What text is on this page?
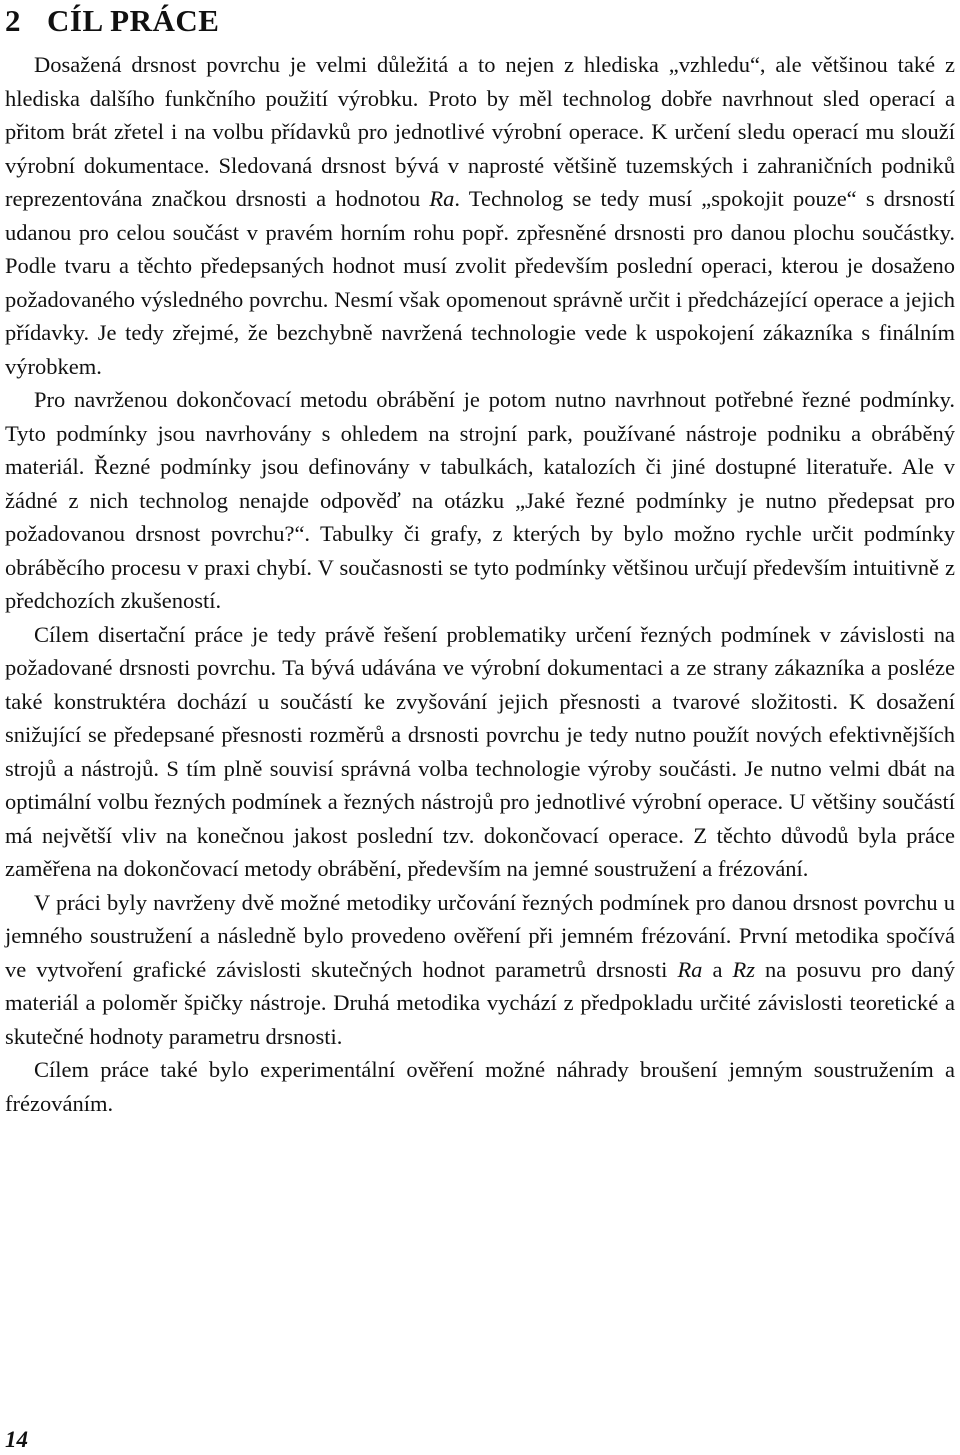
2 CÍL PRÁCE

Dosažená drsnost povrchu je velmi důležitá a to nejen z hlediska „vzhledu“, ale většinou také z hlediska dalšího funkčního použití výrobku. Proto by měl technolog dobře navrhnout sled operací a přitom brát zřetel i na volbu přídavků pro jednotlivé výrobní operace. K určení sledu operací mu slouží výrobní dokumentace. Sledovaná drsnost bývá v naprosté většině tuzemských i zahraničních podniků reprezentována značkou drsnosti a hodnotou Ra. Technolog se tedy musí „spokojit pouze“ s drsností udanou pro celou součást v pravém horním rohu popř. zpřesněné drsnosti pro danou plochu součástky. Podle tvaru a těchto předepsaných hodnot musí zvolit především poslední operaci, kterou je dosaženo požadovaného výsledného povrchu. Nesmí však opomenout správně určit i předcházející operace a jejich přídavky. Je tedy zřejmé, že bezchybně navržená technologie vede k uspokojení zákazníka s finálním výrobkem.

Pro navrženou dokončovací metodu obrábění je potom nutno navrhnout potřebné řezné podmínky. Tyto podmínky jsou navrhovány s ohledem na strojní park, používané nástroje podniku a obráběný materiál. Řezné podmínky jsou definovány v tabulkách, katalozích či jiné dostupné literatuře. Ale v žádné z nich technolog nenajde odpověď na otázku „Jaké řezné podmínky je nutno předepsat pro požadovanou drsnost povrchu?“. Tabulky či grafy, z kterých by bylo možno rychle určit podmínky obráběcího procesu v praxi chybí. V současnosti se tyto podmínky většinou určují především intuitivně z předchozích zkušeností.

Cílem disertační práce je tedy právě řešení problematiky určení řezných podmínek v závislosti na požadované drsnosti povrchu. Ta bývá udávána ve výrobní dokumentaci a ze strany zákazníka a posléze také konstruktéra dochází u součástí ke zvyšování jejich přesnosti a tvarové složitosti. K dosažení snižující se předepsané přesnosti rozměrů a drsnosti povrchu je tedy nutno použít nových efektivnějších strojů a nástrojů. S tím plně souvisí správná volba technologie výroby součásti. Je nutno velmi dbát na optimální volbu řezných podmínek a řezných nástrojů pro jednotlivé výrobní operace. U většiny součástí má největší vliv na konečnou jakost poslední tzv. dokončovací operace. Z těchto důvodů byla práce zaměřena na dokončovací metody obrábění, především na jemné soustružení a frézování.

V práci byly navrženy dvě možné metodiky určování řezných podmínek pro danou drsnost povrchu u jemného soustružení a následně bylo provedeno ověření při jemném frézování. První metodika spočívá ve vytvoření grafické závislosti skutečných hodnot parametrů drsnosti Ra a Rz na posuvu pro daný materiál a poloměr špičky nástroje. Druhá metodika vychází z předpokladu určité závislosti teoretické a skutečné hodnoty parametru drsnosti.

Cílem práce také bylo experimentální ověření možné náhrady broušení jemným soustružením a frézováním.

14
